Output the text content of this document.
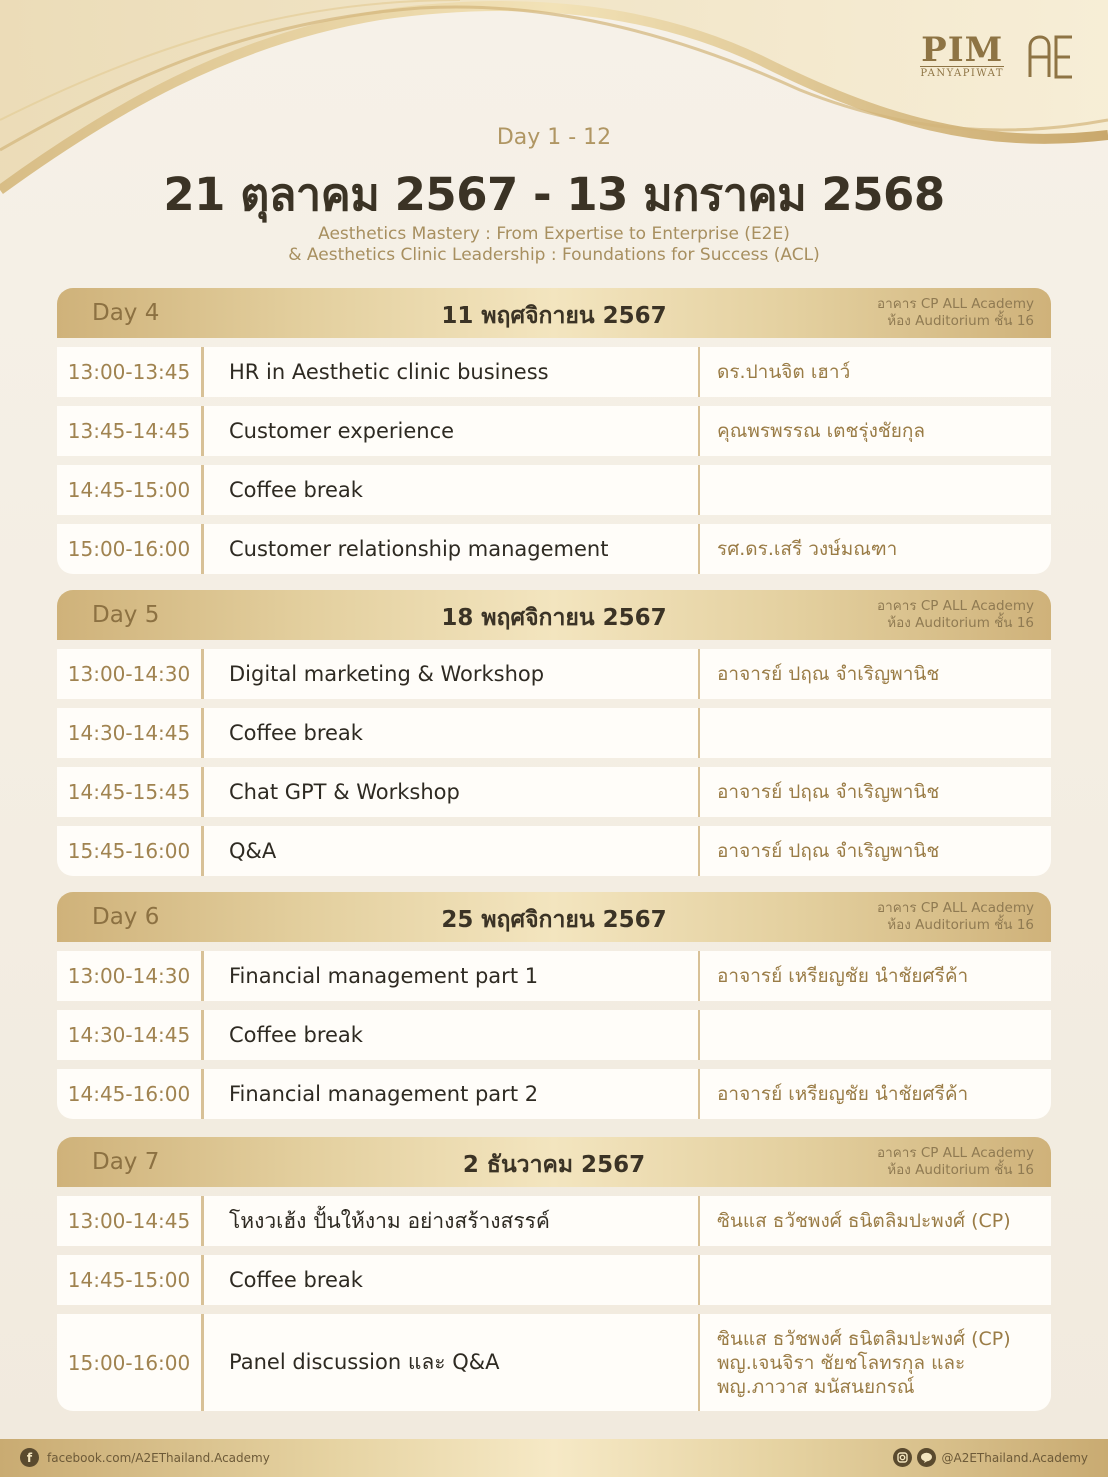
PIM
PANYAPIWAT
Day 1 - 12
21 ตุลาคม 2567 - 13 มกราคม 2568
Aesthetics Mastery : From Expertise to Enterprise (E2E)
& Aesthetics Clinic Leadership : Foundations for Success (ACL)
Day 4	11 พฤศจิกายน 2567	อาคาร CP ALL Academy
ห้อง Auditorium ชั้น 16
13:00-13:45	HR in Aesthetic clinic business	ดร.ปานจิต เฮาว์
13:45-14:45	Customer experience	คุณพรพรรณ เตชรุ่งชัยกุล
14:45-15:00	Coffee break
15:00-16:00	Customer relationship management	รศ.ดร.เสรี วงษ์มณฑา
Day 5	18 พฤศจิกายน 2567	อาคาร CP ALL Academy
ห้อง Auditorium ชั้น 16
13:00-14:30	Digital marketing & Workshop	อาจารย์ ปฤณ จำเริญพานิช
14:30-14:45	Coffee break
14:45-15:45	Chat GPT & Workshop	อาจารย์ ปฤณ จำเริญพานิช
15:45-16:00	Q&A	อาจารย์ ปฤณ จำเริญพานิช
Day 6	25 พฤศจิกายน 2567	อาคาร CP ALL Academy
ห้อง Auditorium ชั้น 16
13:00-14:30	Financial management part 1	อาจารย์ เหรียญชัย นำชัยศรีค้า
14:30-14:45	Coffee break
14:45-16:00	Financial management part 2	อาจารย์ เหรียญชัย นำชัยศรีค้า
Day 7	2 ธันวาคม 2567	อาคาร CP ALL Academy
ห้อง Auditorium ชั้น 16
13:00-14:45	โหงวเฮ้ง ปั้นให้งาม อย่างสร้างสรรค์	ซินแส ธวัชพงศ์ ธนิตลิมปะพงศ์ (CP)
14:45-15:00	Coffee break
15:00-16:00	Panel discussion และ Q&A
ซินแส ธวัชพงศ์ ธนิตลิมปะพงศ์ (CP)
พญ.เจนจิรา ชัยชโลทรกุล และ
พญ.ภาวาส มนัสนยกรณ์
f	facebook.com/A2EThailand.Academy	@A2EThailand.Academy
